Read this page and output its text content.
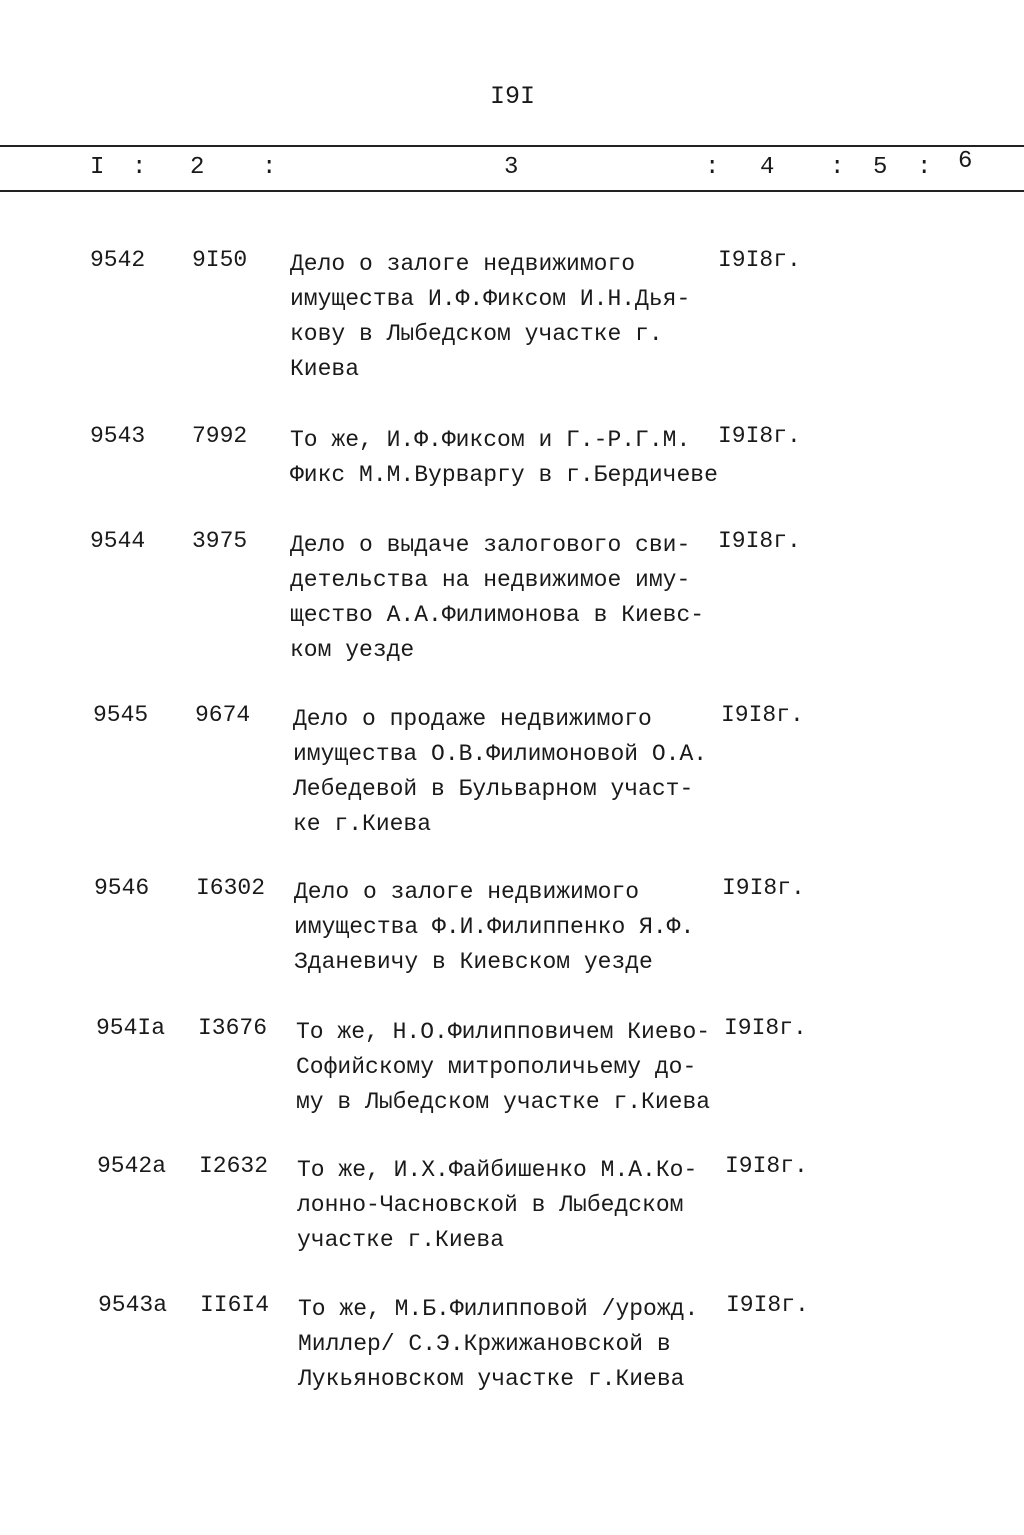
I9I
I : 2 :	3	: 4 : 5 : 6
9542 9I50 Дело о залоге недвижимого
имущества И.Ф.Фиксом И.Н.Дья-
кову в Лыбедском участке г.
Киева
I9I8г.
9543 7992 То же, И.Ф.Фиксом и Г.-Р.Г.М.
Фикс М.М.Вурваргу в г.Бердичеве
I9I8г.
9544 3975 Дело о выдаче залогового сви-
детельства на недвижимое иму-
щество А.А.Филимонова в Киевс-
ком уезде
I9I8г.
9545 9674 Дело о продаже недвижимого
имущества О.В.Филимоновой О.А.
Лебедевой в Бульварном участ-
ке г.Киева
I9I8г.
9546 I6302 Дело о залоге недвижимого
имущества Ф.И.Филиппенко Я.Ф.
Зданевичу в Киевском уезде
I9I8г.
954Iа I3676 То же, Н.О.Филипповичем Киево-
Софийскому митрополичьему до-
му в Лыбедском участке г.Киева
I9I8г.
9542а I2632 То же, И.Х.Файбишенко М.А.Ко-
лонно-Часновской в Лыбедском
участке г.Киева
I9I8г.
9543а II6I4 То же, М.Б.Филипповой /урожд.
Миллер/ С.Э.Кржижановской в
Лукьяновском участке г.Киева
I9I8г.
